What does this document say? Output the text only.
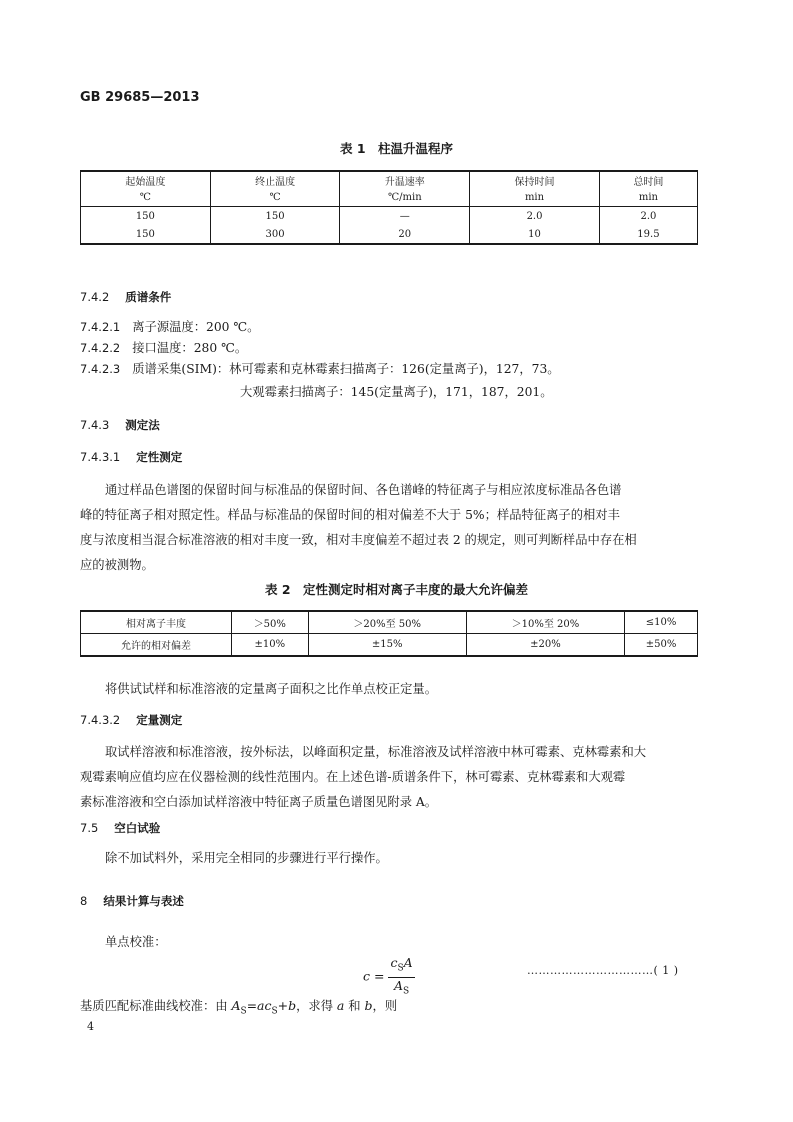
GB 29685—2013
表 1　柱温升温程序
起始温度	终止温度	升温速率	保持时间	总时间
℃	℃	℃/min	min	min
150	150	—	2.0	2.0
150	300	20	10	19.5
7.4.2 质谱条件
7.4.2.1 离子源温度：200 ℃。
7.4.2.2 接口温度：280 ℃。
7.4.2.3 质谱采集(SIM)：林可霉素和克林霉素扫描离子：126(定量离子)，127，73。
大观霉素扫描离子：145(定量离子)，171，187，201。
7.4.3 测定法
7.4.3.1 定性测定
通过样品色谱图的保留时间与标准品的保留时间、各色谱峰的特征离子与相应浓度标准品各色谱
峰的特征离子相对照定性。样品与标准品的保留时间的相对偏差不大于 5%；样品特征离子的相对丰
度与浓度相当混合标准溶液的相对丰度一致，相对丰度偏差不超过表 2 的规定，则可判断样品中存在相
应的被测物。
表 2　定性测定时相对离子丰度的最大允许偏差
相对离子丰度	＞50%	＞20%至 50%	＞10%至 20%	≤10%
允许的相对偏差	±10%	±15%	±20%	±50%
将供试试样和标准溶液的定量离子面积之比作单点校正定量。
7.4.3.2 定量测定
取试样溶液和标准溶液，按外标法，以峰面积定量，标准溶液及试样溶液中林可霉素、克林霉素和大
观霉素响应值均应在仪器检测的线性范围内。在上述色谱-质谱条件下，林可霉素、克林霉素和大观霉
素标准溶液和空白添加试样溶液中特征离子质量色谱图见附录 A。
7.5 空白试验
除不加试料外，采用完全相同的步骤进行平行操作。
8 结果计算与表述
单点校准：
$c = \frac{c_SA}{A_S}$	……………………………( 1 )
基质匹配标准曲线校准：由 $A_S=ac_S+b$，求得 a 和 b，则
4
